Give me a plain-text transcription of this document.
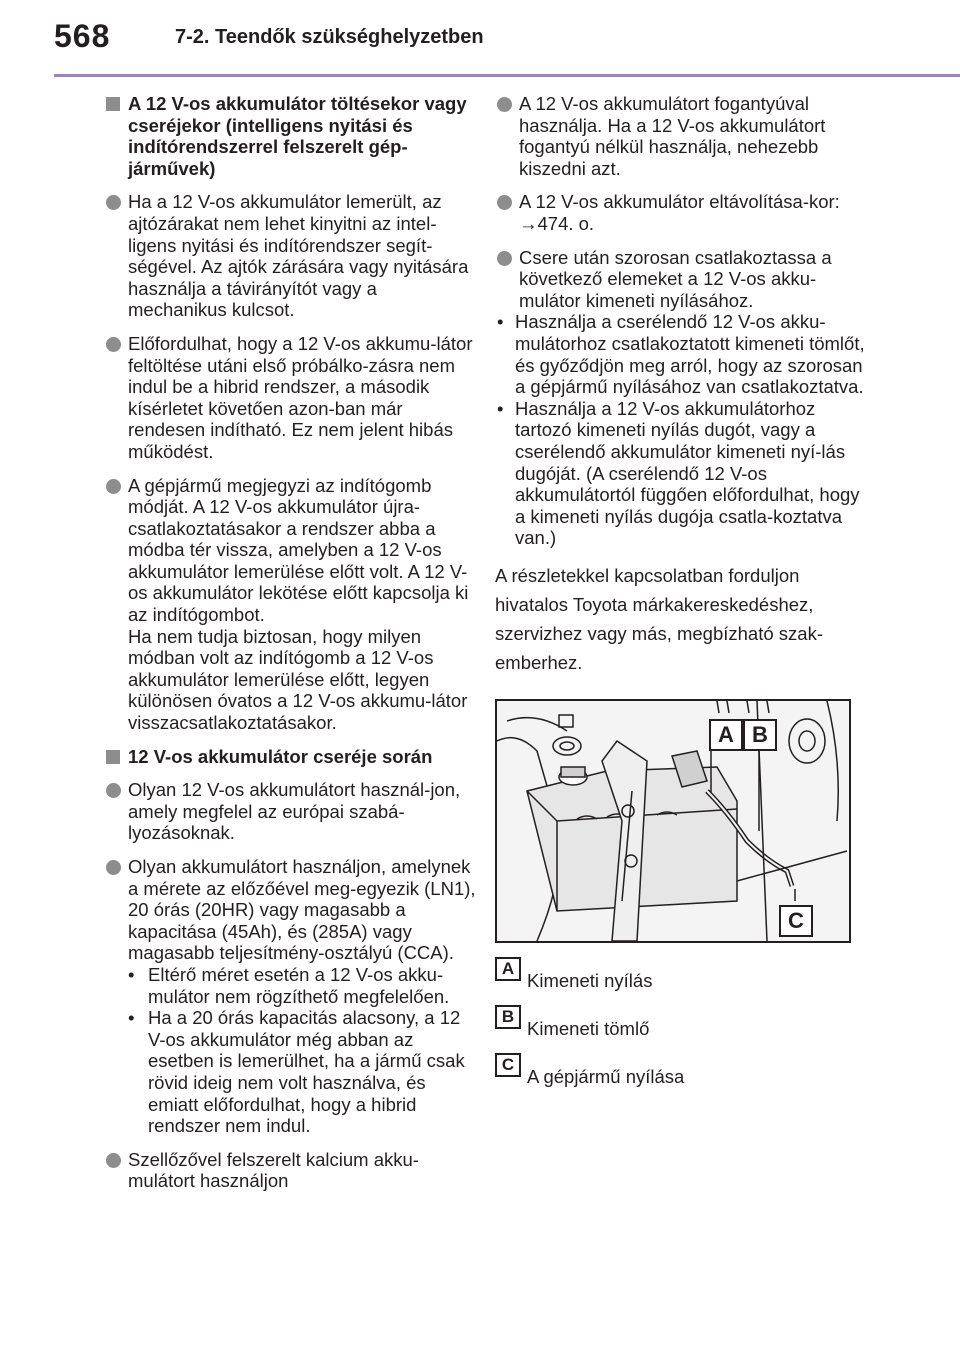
568	7-2. Teendők szükséghelyzetben
A 12 V-os akkumulátor töltésekor vagy cseréjekor (intelligens nyitási és indítórendszerrel felszerelt gép-járművek)
Ha a 12 V-os akkumulátor lemerült, az ajtózárakat nem lehet kinyitni az intel-ligens nyitási és indítórendszer segít-ségével. Az ajtók zárására vagy nyitására használja a távirányítót vagy a mechanikus kulcsot.
Előfordulhat, hogy a 12 V-os akkumu-látor feltöltése utáni első próbálko-zásra nem indul be a hibrid rendszer, a második kísérletet követően azon-ban már rendesen indítható. Ez nem jelent hibás működést.
A gépjármű megjegyzi az indítógomb módját. A 12 V-os akkumulátor újra-csatlakoztatásakor a rendszer abba a módba tér vissza, amelyben a 12 V-os akkumulátor lemerülése előtt volt. A 12 V-os akkumulátor lekötése előtt kapcsolja ki az indítógombot.
Ha nem tudja biztosan, hogy milyen módban volt az indítógomb a 12 V-os akkumulátor lemerülése előtt, legyen különösen óvatos a 12 V-os akkumu-látor visszacsatlakoztatásakor.
12 V-os akkumulátor cseréje során
Olyan 12 V-os akkumulátort használ-jon, amely megfelel az európai szabá-lyozásoknak.
Olyan akkumulátort használjon, amelynek a mérete az előzőével meg-egyezik (LN1), 20 órás (20HR) vagy magasabb a kapacitása (45Ah), és (285A) vagy magasabb teljesítmény-osztályú (CCA).
• Eltérő méret esetén a 12 V-os akku-mulátor nem rögzíthető megfelelően.
• Ha a 20 órás kapacitás alacsony, a 12 V-os akkumulátor még abban az esetben is lemerülhet, ha a jármű csak rövid ideig nem volt használva, és emiatt előfordulhat, hogy a hibrid rendszer nem indul.
Szellőzővel felszerelt kalcium akku-mulátort használjon
A 12 V-os akkumulátort fogantyúval használja. Ha a 12 V-os akkumulátort fogantyú nélkül használja, nehezebb kiszedni azt.
A 12 V-os akkumulátor eltávolítása-kor: →474. o.
Csere után szorosan csatlakoztassa a következő elemeket a 12 V-os akku-mulátor kimeneti nyílásához.
• Használja a cserélendő 12 V-os akku-mulátorhoz csatlakoztatott kimeneti tömlőt, és győződjön meg arról, hogy az szorosan a gépjármű nyílásához van csatlakoztatva.
• Használja a 12 V-os akkumulátorhoz tartozó kimeneti nyílás dugót, vagy a cserélendő akkumulátor kimeneti nyí-lás dugóját. (A cserélendő 12 V-os akkumulátortól függően előfordulhat, hogy a kimeneti nyílás dugója csatla-koztatva van.)
A részletekkel kapcsolatban forduljon hivatalos Toyota márkakereskedéshez, szervizhez vagy más, megbízható szak-emberhez.
A B
C
A
Kimeneti nyílás
B
Kimeneti tömlő
C
A gépjármű nyílása
